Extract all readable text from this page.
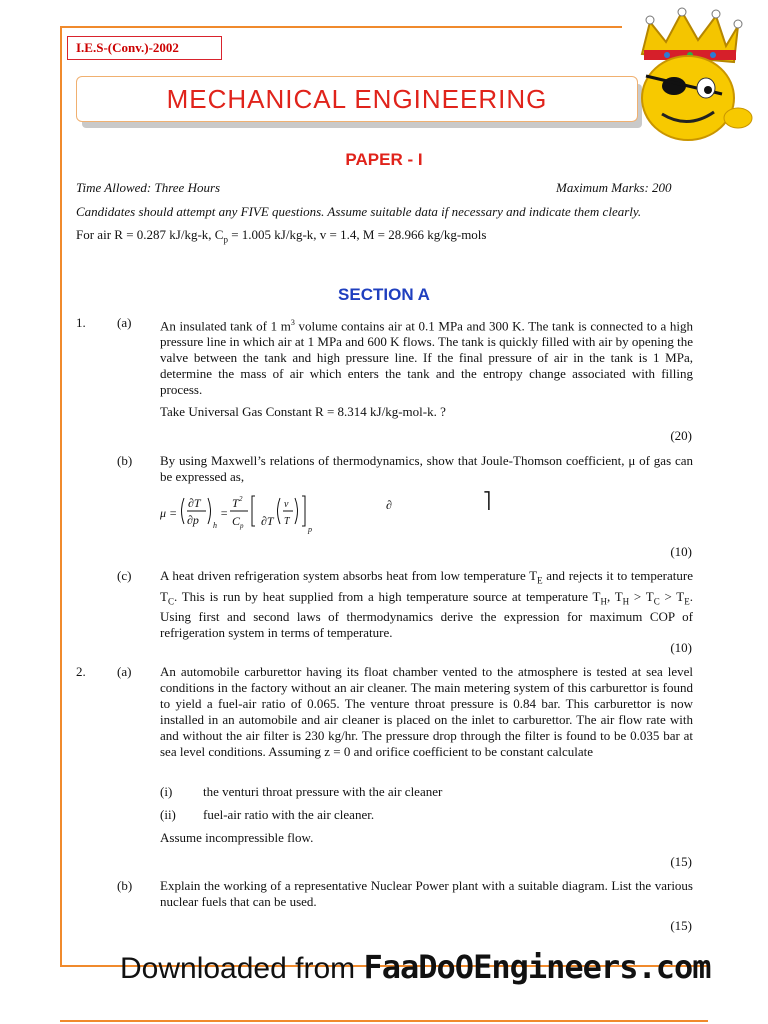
I.E.S-(Conv.)-2002
MECHANICAL ENGINEERING
PAPER - I
Time Allowed: Three Hours	Maximum Marks: 200
Candidates should attempt any FIVE questions. Assume suitable data if necessary and indicate them clearly.
For air R = 0.287 kJ/kg-k, $C_p = 1.005$ kJ/kg-k, v = 1.4, M = 28.966 kg/kg-mols
SECTION A
1. (a) An insulated tank of 1 $m^3$ volume contains air at 0.1 MPa and 300 K. The tank is connected to a high pressure line in which air at 1 MPa and 600 K flows. The tank is quickly filled with air by opening the valve between the tank and high pressure line. If the final pressure of air in the tank is 1 MPa, determine the mass of air which enters the tank and the entropy change associated with filling process.
Take Universal Gas Constant R = 8.314 kJ/kg-mol-k. ?
(20)
(b) By using Maxwell’s relations of thermodynamics, show that Joule-Thomson coefficient, μ of gas can be expressed as,
μ =
∂T
∂p h
=
T 2
C p ∂T
v
T
p
∂	⎤
(10)
(c) A heat driven refrigeration system absorbs heat from low temperature $T_E$ and rejects it to temperature $T_C$. This is run by heat supplied from a high temperature source at temperature $T_H$, $T_H > T_C > T_E$. Using first and second laws of thermodynamics derive the expression for maximum COP of refrigeration system in terms of temperature.
(10)
2. (a) An automobile carburettor having its float chamber vented to the atmosphere is tested at sea level conditions in the factory without an air cleaner. The main metering system of this carburettor is found to yield a fuel-air ratio of 0.065. The venture throat pressure is 0.84 bar. This carburettor is now installed in an automobile and air cleaner is placed on the inlet to carburettor. The air flow rate with and without the air filter is 230 kg/hr. The pressure drop through the filter is found to be 0.035 bar at sea level conditions. Assuming z = 0 and orifice coefficient to be constant calculate
(i) the venturi throat pressure with the air cleaner
(ii) fuel-air ratio with the air cleaner.
Assume incompressible flow.
(15)
(b) Explain the working of a representative Nuclear Power plant with a suitable diagram. List the various nuclear fuels that can be used.
(15)
Downloaded from FaaDoOEngineers.com
